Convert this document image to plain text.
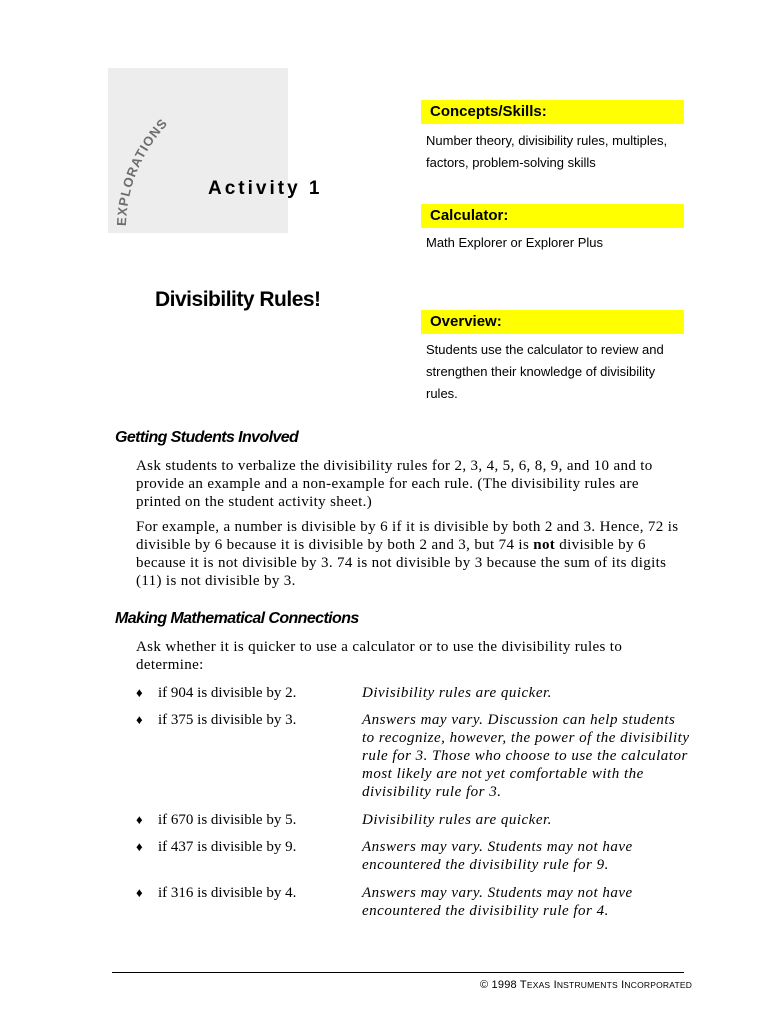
EXPLORATIONS
Activity 1
Divisibility Rules!
Concepts/Skills:
Number theory, divisibility rules, multiples, factors, problem-solving skills
Calculator:
Math Explorer or Explorer Plus
Overview:
Students use the calculator to review and strengthen their knowledge of divisibility rules.
Getting Students Involved
Ask students to verbalize the divisibility rules for 2, 3, 4, 5, 6, 8, 9, and 10 and to provide an example and a non-example for each rule. (The divisibility rules are printed on the student activity sheet.)
For example, a number is divisible by 6 if it is divisible by both 2 and 3. Hence, 72 is divisible by 6 because it is divisible by both 2 and 3, but 74 is not divisible by 6 because it is not divisible by 3. 74 is not divisible by 3 because the sum of its digits (11) is not divisible by 3.
Making Mathematical Connections
Ask whether it is quicker to use a calculator or to use the divisibility rules to determine:
♦ if 904 is divisible by 2.	Divisibility rules are quicker.
♦ if 375 is divisible by 3.	Answers may vary. Discussion can help students to recognize, however, the power of the divisibility rule for 3. Those who choose to use the calculator most likely are not yet comfortable with the divisibility rule for 3.
♦ if 670 is divisible by 5.	Divisibility rules are quicker.
♦ if 437 is divisible by 9.	Answers may vary. Students may not have encountered the divisibility rule for 9.
♦ if 316 is divisible by 4.	Answers may vary. Students may not have encountered the divisibility rule for 4.
© 1998 TEXAS INSTRUMENTS INCORPORATED
